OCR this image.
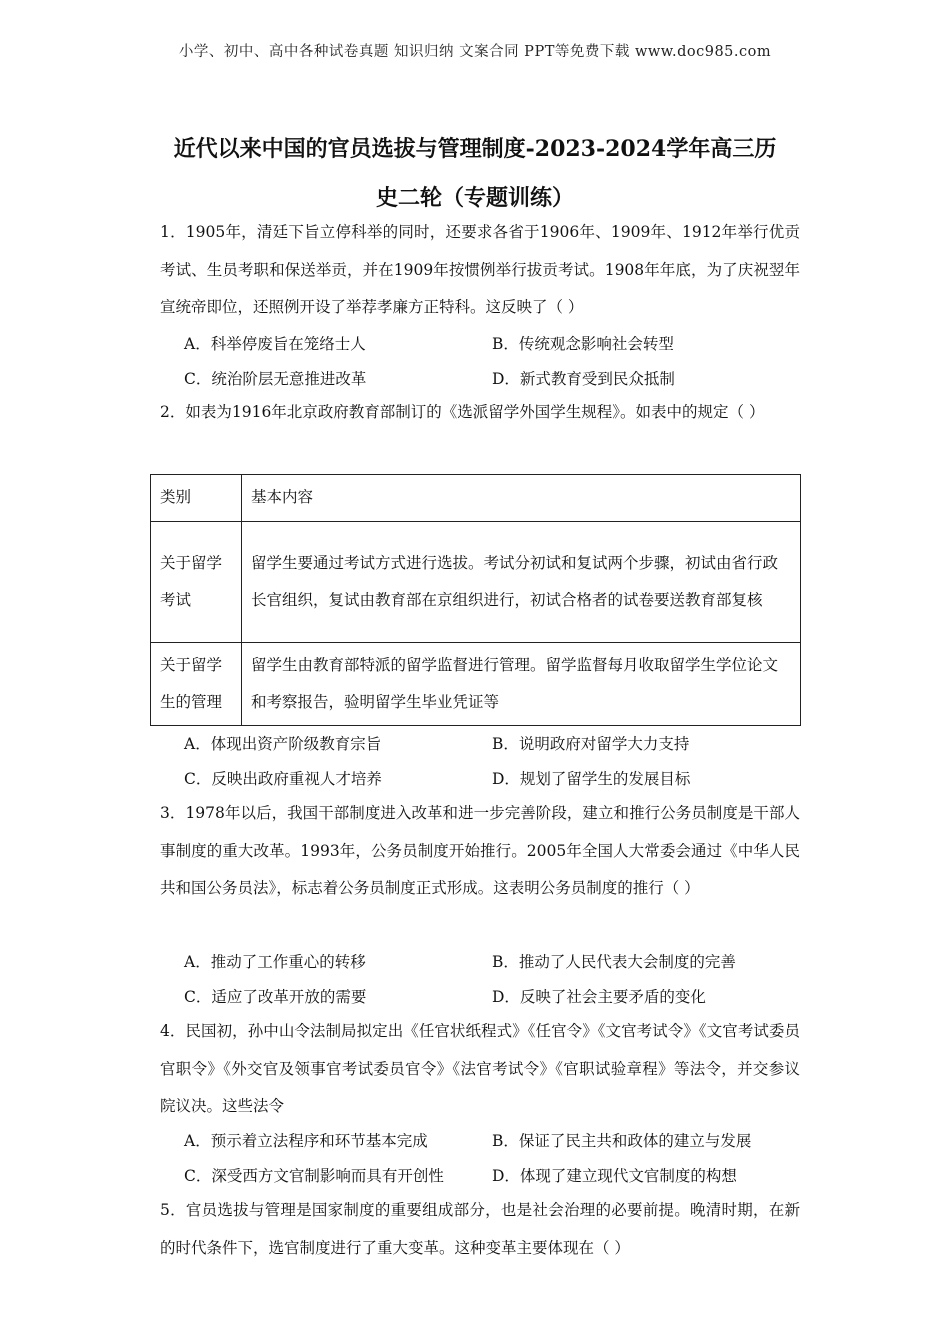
小学、初中、高中各种试卷真题 知识归纳 文案合同 PPT等免费下载 www.doc985.com
近代以来中国的官员选拔与管理制度-2023-2024学年高三历
史二轮（专题训练）
1．1905年，清廷下旨立停科举的同时，还要求各省于1906年、1909年、1912年举行优贡考试、生员考职和保送举贡，并在1909年按惯例举行拔贡考试。1908年年底，为了庆祝翌年宣统帝即位，还照例开设了举荐孝廉方正特科。这反映了（ ）
A．科举停废旨在笼络士人	B．传统观念影响社会转型
C．统治阶层无意推进改革	D．新式教育受到民众抵制
2．如表为1916年北京政府教育部制订的《选派留学外国学生规程》。如表中的规定（ ）
类别	基本内容
关于留学考试	留学生要通过考试方式进行选拔。考试分初试和复试两个步骤，初试由省行政长官组织，复试由教育部在京组织进行，初试合格者的试卷要送教育部复核
关于留学生的管理	留学生由教育部特派的留学监督进行管理。留学监督每月收取留学生学位论文和考察报告，验明留学生毕业凭证等
A．体现出资产阶级教育宗旨	B．说明政府对留学大力支持
C．反映出政府重视人才培养	D．规划了留学生的发展目标
3．1978年以后，我国干部制度进入改革和进一步完善阶段，建立和推行公务员制度是干部人事制度的重大改革。1993年，公务员制度开始推行。2005年全国人大常委会通过《中华人民共和国公务员法》，标志着公务员制度正式形成。这表明公务员制度的推行（ ）
A．推动了工作重心的转移	B．推动了人民代表大会制度的完善
C．适应了改革开放的需要	D．反映了社会主要矛盾的变化
4．民国初，孙中山令法制局拟定出《任官状纸程式》《任官令》《文官考试令》《文官考试委员官职令》《外交官及领事官考试委员官令》《法官考试令》《官职试验章程》等法令，并交参议院议决。这些法令
A．预示着立法程序和环节基本完成	B．保证了民主共和政体的建立与发展
C．深受西方文官制影响而具有开创性	D．体现了建立现代文官制度的构想
5．官员选拔与管理是国家制度的重要组成部分，也是社会治理的必要前提。晚清时期，在新的时代条件下，选官制度进行了重大变革。这种变革主要体现在（ ）
